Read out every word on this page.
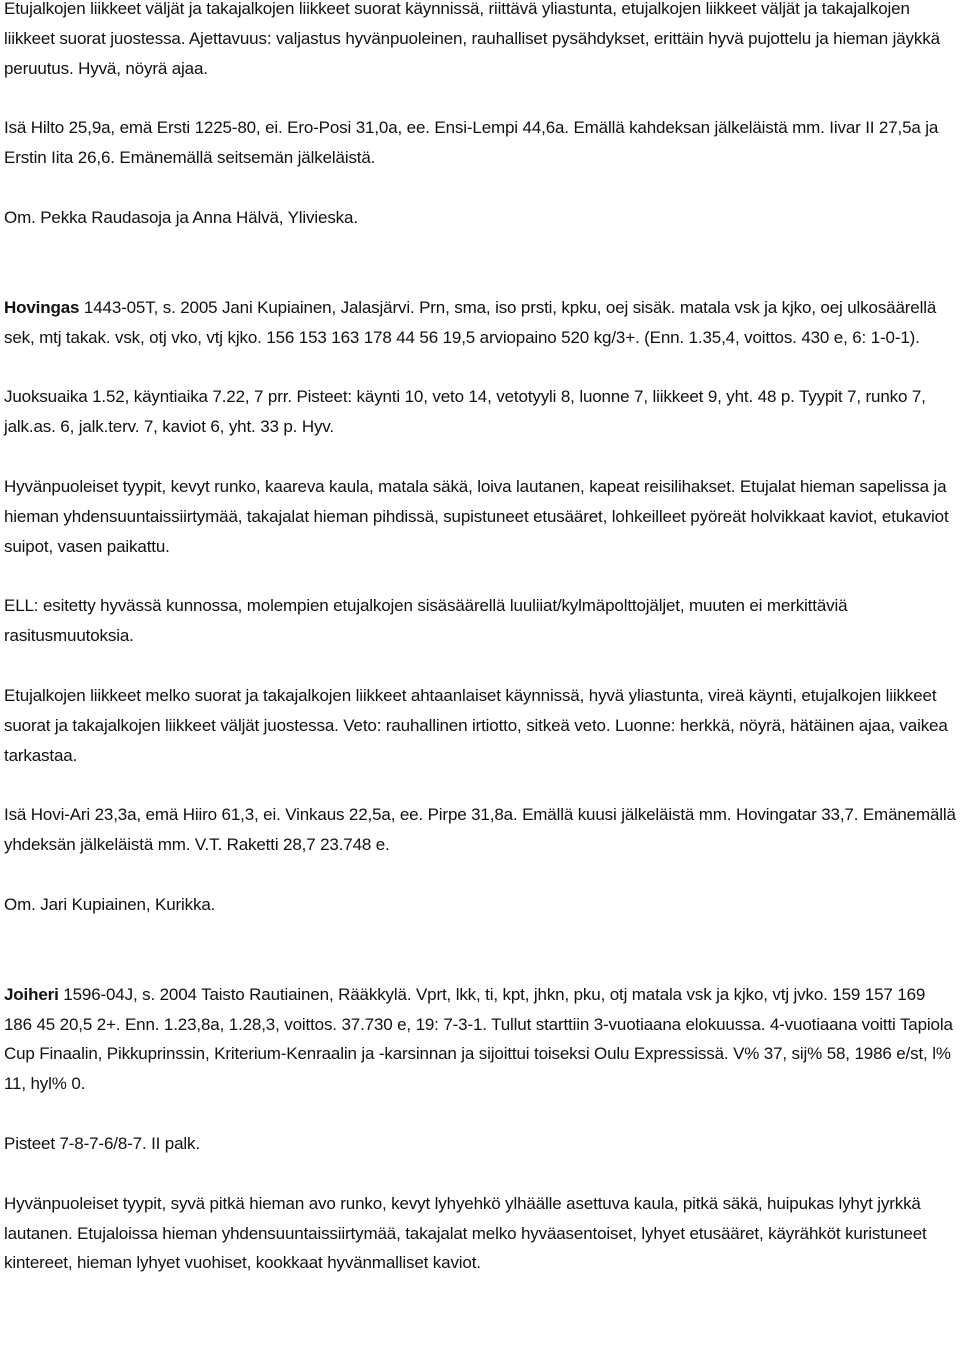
Etujalkojen liikkeet väljät ja takajalkojen liikkeet suorat käynnissä, riittävä yliastunta, etujalkojen liikkeet väljät ja takajalkojen liikkeet suorat juostessa. Ajettavuus: valjastus hyvänpuoleinen, rauhalliset pysähdykset, erittäin hyvä pujottelu ja hieman jäykkä peruutus. Hyvä, nöyrä ajaa.

Isä Hilto 25,9a, emä Ersti 1225-80, ei. Ero-Posi 31,0a, ee. Ensi-Lempi 44,6a. Emällä kahdeksan jälkeläistä mm. Iivar II 27,5a ja Erstin Iita 26,6. Emänemällä seitsemän jälkeläistä.

Om. Pekka Raudasoja ja Anna Hälvä, Ylivieska.

Hovingas 1443-05T, s. 2005 Jani Kupiainen, Jalasjärvi. Prn, sma, iso prsti, kpku, oej sisäk. matala vsk ja kjko, oej ulkosäärellä sek, mtj takak. vsk, otj vko, vtj kjko. 156 153 163 178 44 56 19,5 arviopaino 520 kg/3+. (Enn. 1.35,4, voittos. 430 e, 6: 1-0-1).

Juoksuaika 1.52, käyntiaika 7.22, 7 prr. Pisteet: käynti 10, veto 14, vetotyyli 8, luonne 7, liikkeet 9, yht. 48 p. Tyypit 7, runko 7, jalk.as. 6, jalk.terv. 7, kaviot 6, yht. 33 p. Hyv.

Hyvänpuoleiset tyypit, kevyt runko, kaareva kaula, matala säkä, loiva lautanen, kapeat reisilihakset. Etujalat hieman sapelissa ja hieman yhdensuuntaissiirtymää, takajalat hieman pihdissä, supistuneet etusääret, lohkeilleet pyöreät holvikkaat kaviot, etukaviot suipot, vasen paikattu.

ELL: esitetty hyvässä kunnossa, molempien etujalkojen sisäsäärellä luuliiat/kylmäpolttojäljet, muuten ei merkittäviä rasitusmuutoksia.

Etujalkojen liikkeet melko suorat ja takajalkojen liikkeet ahtaanlaiset käynnissä, hyvä yliastunta, vireä käynti, etujalkojen liikkeet suorat ja takajalkojen liikkeet väljät juostessa. Veto: rauhallinen irtiotto, sitkeä veto. Luonne: herkkä, nöyrä, hätäinen ajaa, vaikea tarkastaa.

Isä Hovi-Ari 23,3a, emä Hiiro 61,3, ei. Vinkaus 22,5a, ee. Pirpe 31,8a. Emällä kuusi jälkeläistä mm. Hovingatar 33,7. Emänemällä yhdeksän jälkeläistä mm. V.T. Raketti 28,7 23.748 e.

Om. Jari Kupiainen, Kurikka.

Joiheri 1596-04J, s. 2004 Taisto Rautiainen, Rääkkylä. Vprt, lkk, ti, kpt, jhkn, pku, otj matala vsk ja kjko, vtj jvko. 159 157 169 186 45 20,5 2+. Enn. 1.23,8a, 1.28,3, voittos. 37.730 e, 19: 7-3-1. Tullut starttiin 3-vuotiaana elokuussa. 4-vuotiaana voitti Tapiola Cup Finaalin, Pikkuprinssin, Kriterium-Kenraalin ja -karsinnan ja sijoittui toiseksi Oulu Expressissä. V% 37, sij% 58, 1986 e/st, l% 11, hyl% 0.

Pisteet 7-8-7-6/8-7. II palk.

Hyvänpuoleiset tyypit, syvä pitkä hieman avo runko, kevyt lyhyehkö ylhäälle asettuva kaula, pitkä säkä, huipukas lyhyt jyrkkä lautanen. Etujaloissa hieman yhdensuuntaissiirtymää, takajalat melko hyväasentoiset, lyhyet etusääret, käyrähköt kuristuneet kintereet, hieman lyhyet vuohiset, kookkaat hyvänmalliset kaviot.
